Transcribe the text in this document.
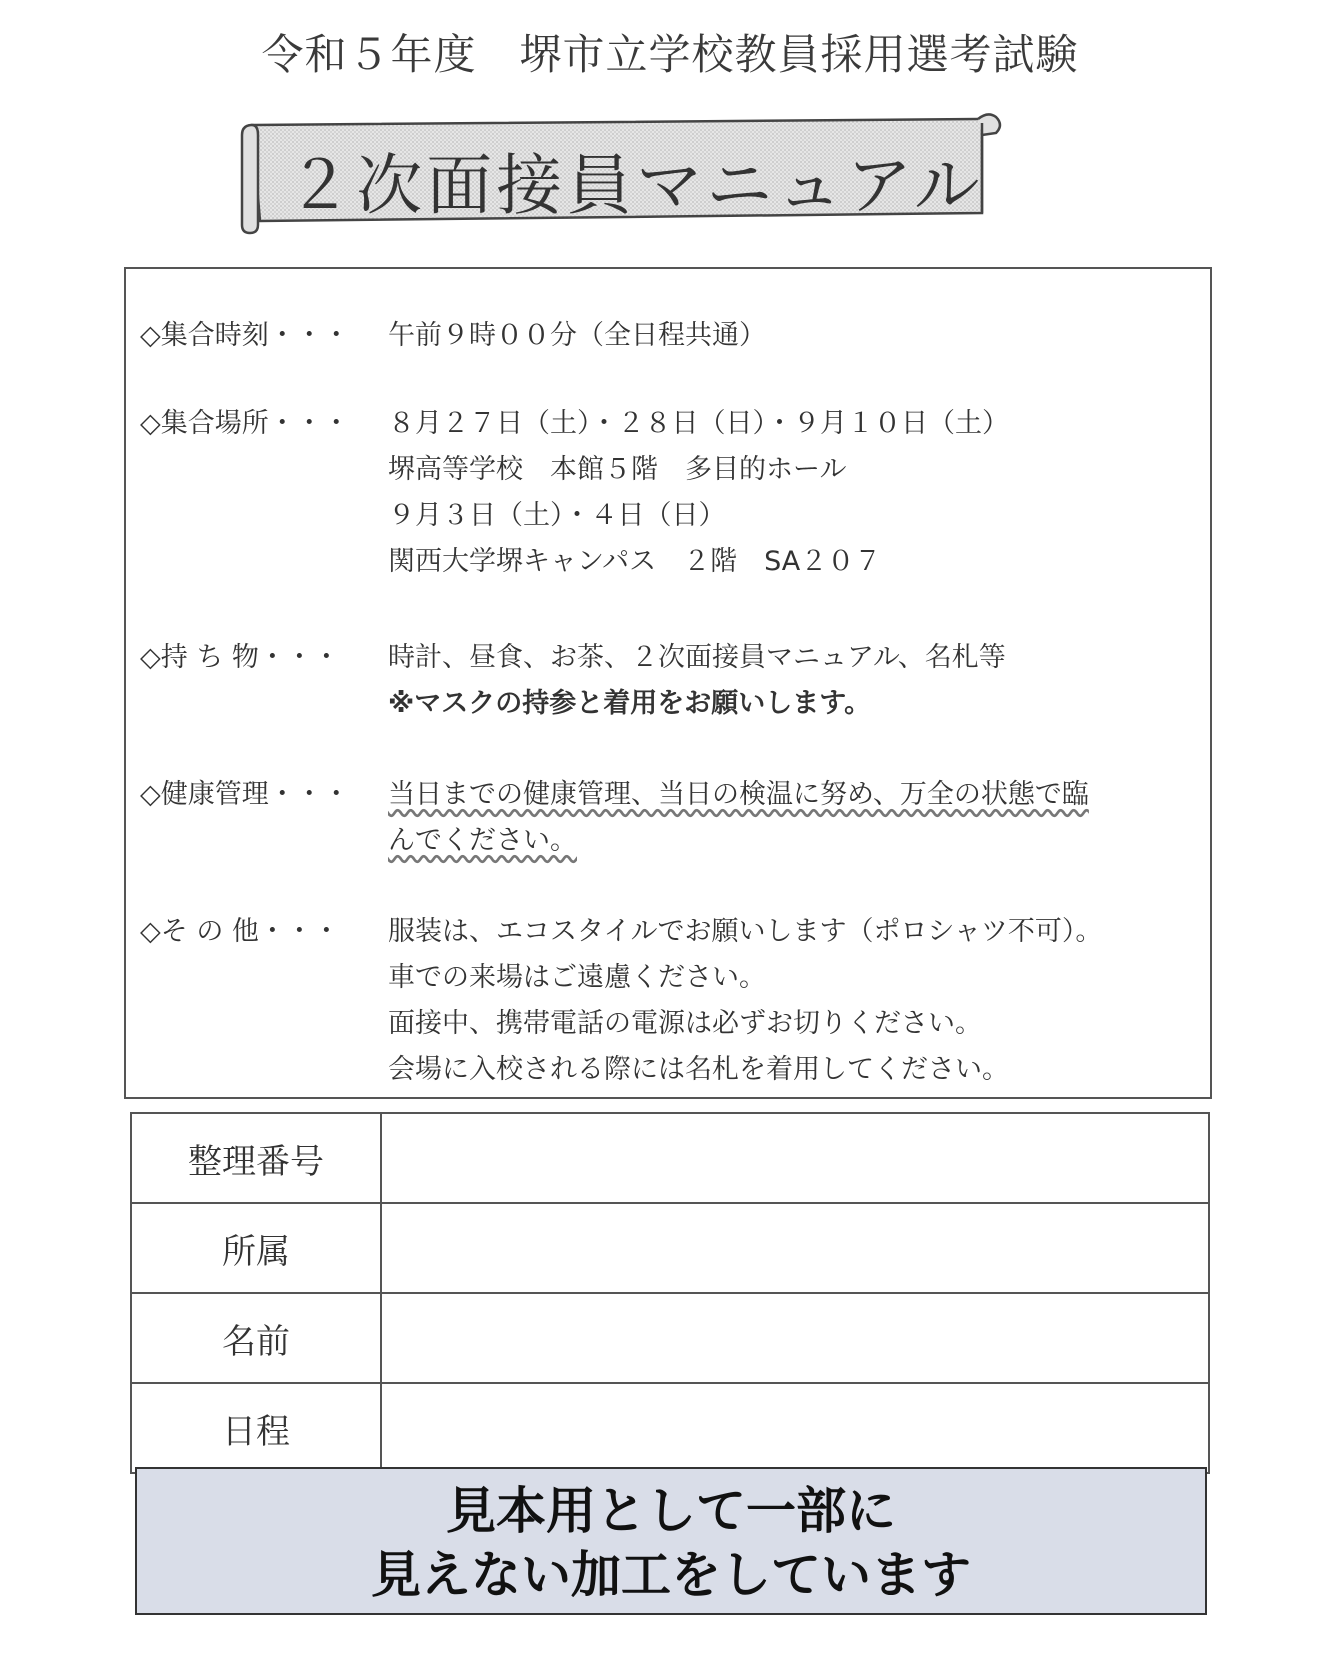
令和５年度　堺市立学校教員採用選考試験
２次面接員マニュアル
◇集合時刻・・・ 午前９時００分（全日程共通）
◇集合場所・・・ ８月２７日（土）・２８日（日）・９月１０日（土）
堺高等学校　本館５階　多目的ホール
９月３日（土）・４日（日）
関西大学堺キャンパス　２階　SA２０７
◇持 ち 物・・・ 時計、昼食、お茶、２次面接員マニュアル、名札等
※マスクの持参と着用をお願いします。
◇健康管理・・・ 当日までの健康管理、当日の検温に努め、万全の状態で臨
んでください。
◇そ の 他・・・ 服装は、エコスタイルでお願いします（ポロシャツ不可）。
車での来場はご遠慮ください。
面接中、携帯電話の電源は必ずお切りください。
会場に入校される際には名札を着用してください。
整理番号	
所属	
名前	
日程	
見本用として一部に
見えない加工をしています
